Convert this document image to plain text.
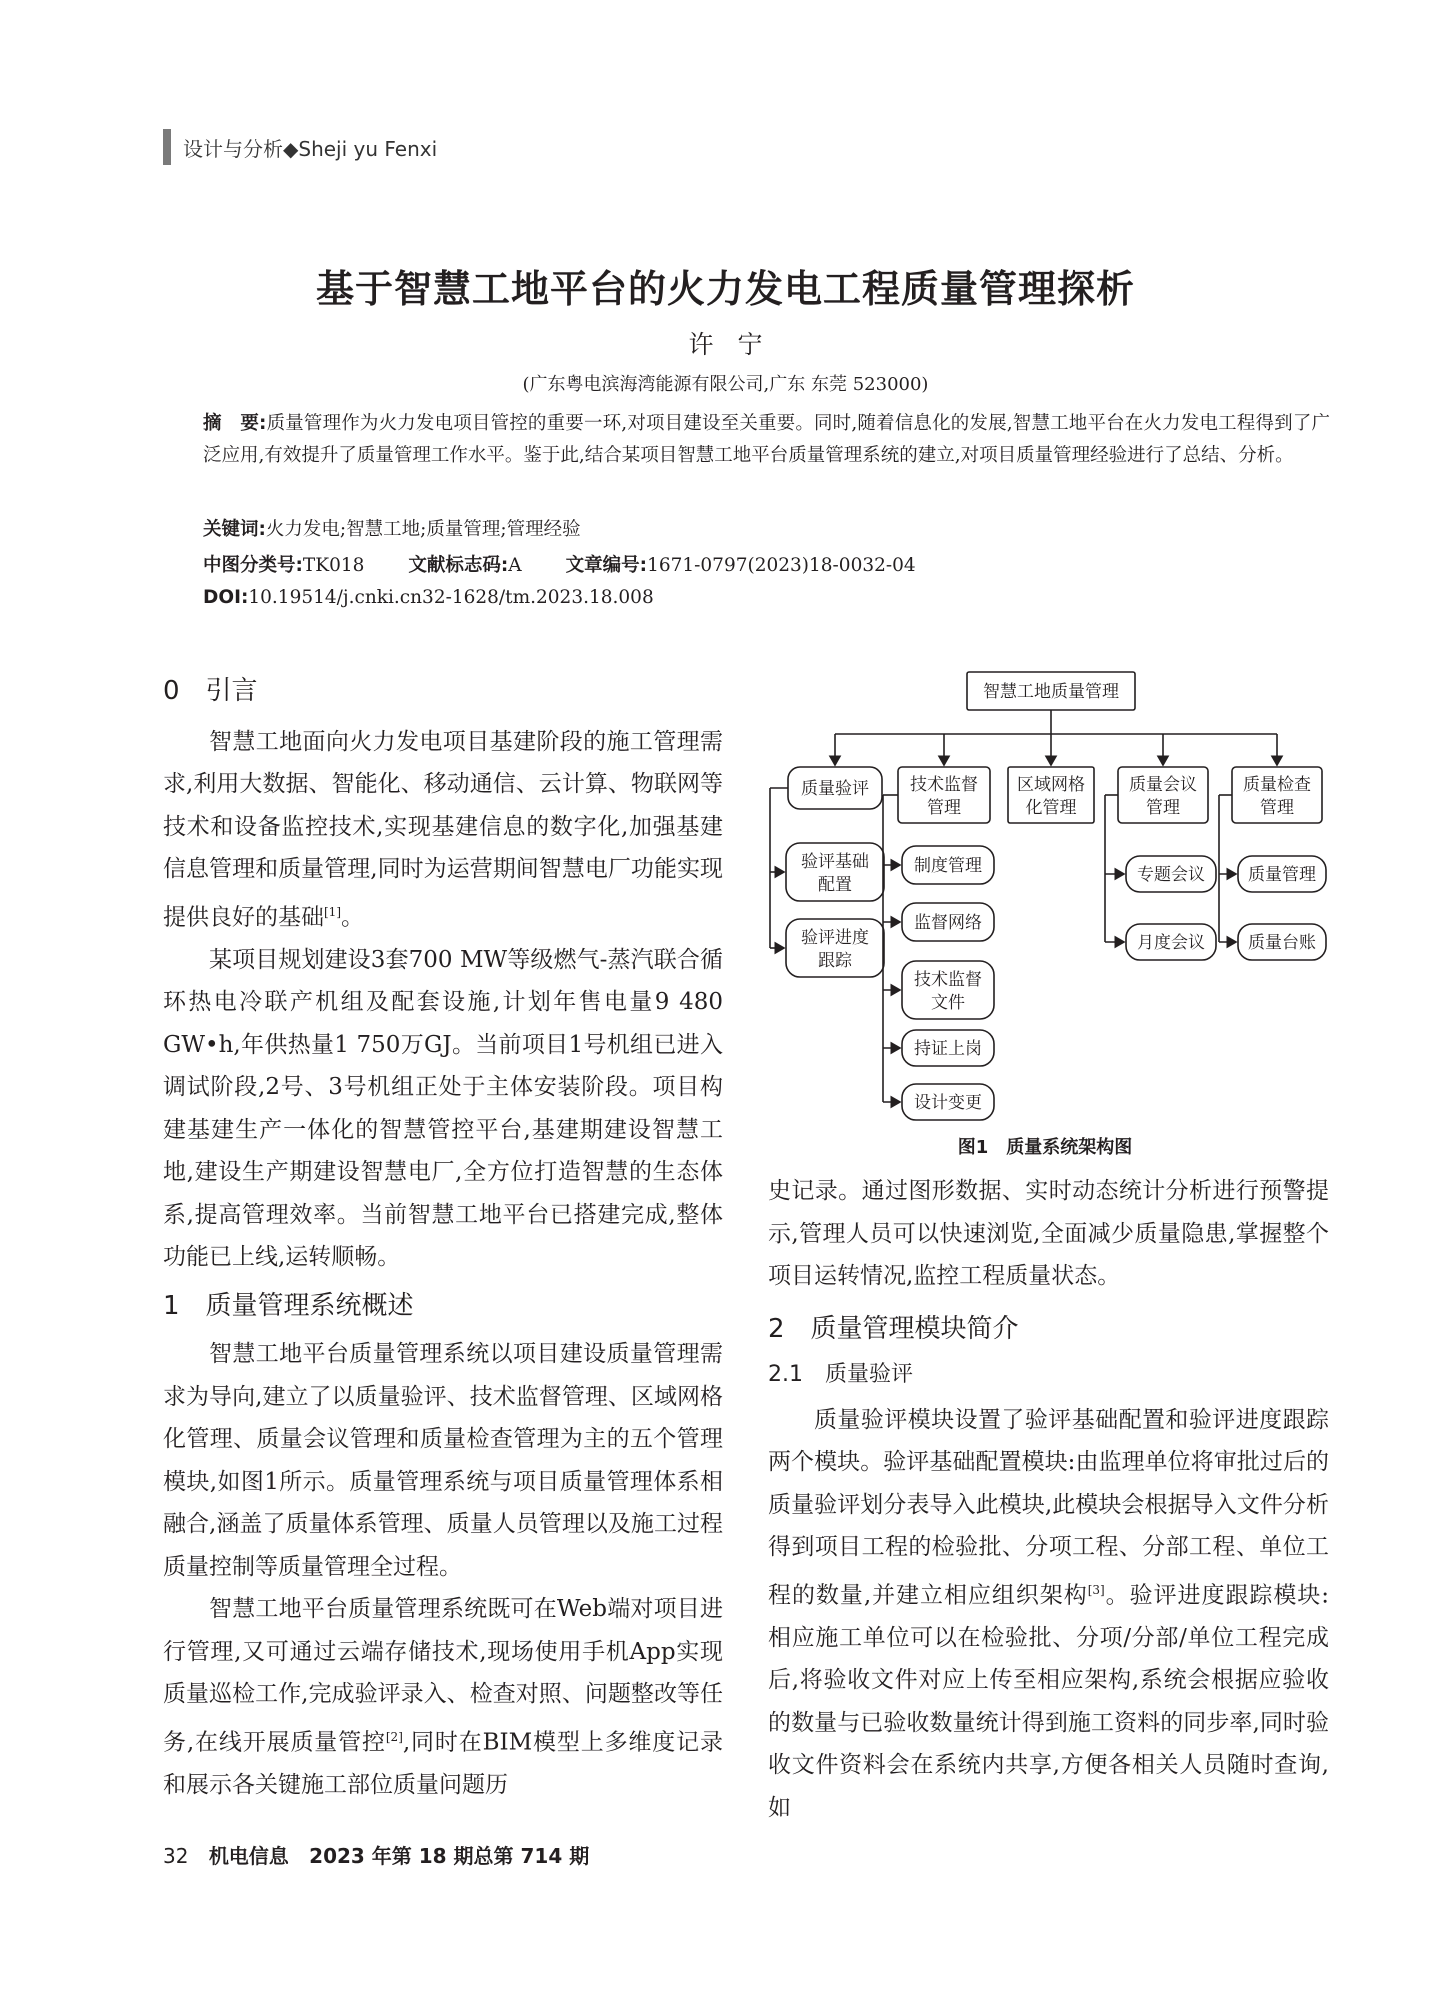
设计与分析◆Sheji yu Fenxi
基于智慧工地平台的火力发电工程质量管理探析
许宁
(广东粤电滨海湾能源有限公司,广东 东莞 523000)
摘　要:质量管理作为火力发电项目管控的重要一环,对项目建设至关重要。同时,随着信息化的发展,智慧工地平台在火力发电工程得到了广泛应用,有效提升了质量管理工作水平。鉴于此,结合某项目智慧工地平台质量管理系统的建立,对项目质量管理经验进行了总结、分析。
关键词:火力发电;智慧工地;质量管理;管理经验
中图分类号:TK018 文献标志码:A 文章编号:1671-0797(2023)18-0032-04
DOI:10.19514/j.cnki.cn32-1628/tm.2023.18.008
0　引言

智慧工地面向火力发电项目基建阶段的施工管理需求,利用大数据、智能化、移动通信、云计算、物联网等技术和设备监控技术,实现基建信息的数字化,加强基建信息管理和质量管理,同时为运营期间智慧电厂功能实现提供良好的基础[1]。

某项目规划建设3套700 MW等级燃气-蒸汽联合循环热电冷联产机组及配套设施,计划年售电量9 480 GW•h,年供热量1 750万GJ。当前项目1号机组已进入调试阶段,2号、3号机组正处于主体安装阶段。项目构建基建生产一体化的智慧管控平台,基建期建设智慧工地,建设生产期建设智慧电厂,全方位打造智慧的生态体系,提高管理效率。当前智慧工地平台已搭建完成,整体功能已上线,运转顺畅。

1　质量管理系统概述

智慧工地平台质量管理系统以项目建设质量管理需求为导向,建立了以质量验评、技术监督管理、区域网格化管理、质量会议管理和质量检查管理为主的五个管理模块,如图1所示。质量管理系统与项目质量管理体系相融合,涵盖了质量体系管理、质量人员管理以及施工过程质量控制等质量管理全过程。

智慧工地平台质量管理系统既可在Web端对项目进行管理,又可通过云端存储技术,现场使用手机App实现质量巡检工作,完成验评录入、检查对照、问题整改等任务,在线开展质量管控[2],同时在BIM模型上多维度记录和展示各关键施工部位质量问题历

智慧工地质量管理
质量验评
验评基础
配置
验评进度
跟踪
技术监督
管理
制度管理
监督网络
技术监督
文件
持证上岗
设计变更
区域网格
化管理
质量会议
管理
专题会议
月度会议
质量检查
管理
质量管理
质量台账
图1　质量系统架构图

史记录。通过图形数据、实时动态统计分析进行预警提示,管理人员可以快速浏览,全面减少质量隐患,掌握整个项目运转情况,监控工程质量状态。

2　质量管理模块简介
2.1　质量验评

质量验评模块设置了验评基础配置和验评进度跟踪两个模块。验评基础配置模块:由监理单位将审批过后的质量验评划分表导入此模块,此模块会根据导入文件分析得到项目工程的检验批、分项工程、分部工程、单位工程的数量,并建立相应组织架构[3]。验评进度跟踪模块:相应施工单位可以在检验批、分项/分部/单位工程完成后,将验收文件对应上传至相应架构,系统会根据应验收的数量与已验收数量统计得到施工资料的同步率,同时验收文件资料会在系统内共享,方便各相关人员随时查询,如

32 机电信息 2023 年第 18 期总第 714 期
